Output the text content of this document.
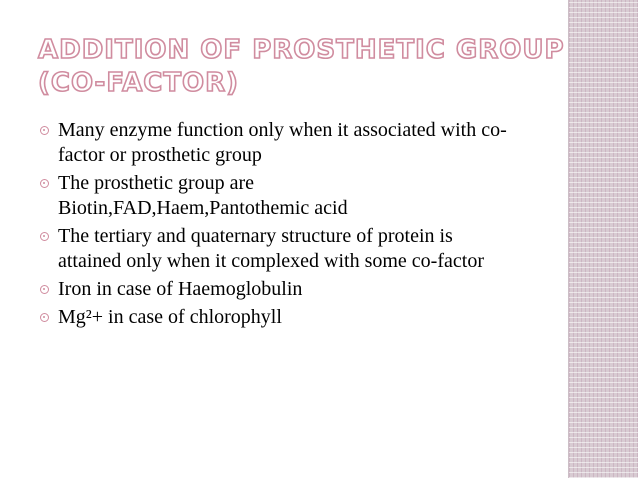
ADDITION OF PROSTHETIC GROUP
(CO-FACTOR)
Many enzyme function only when it associated with co-factor or prosthetic group
The prosthetic group are Biotin,FAD,Haem,Pantothemic acid
The tertiary and quaternary structure of protein is attained only when it complexed with some co-factor
Iron in case of Haemoglobulin
Mg²+ in case of chlorophyll
